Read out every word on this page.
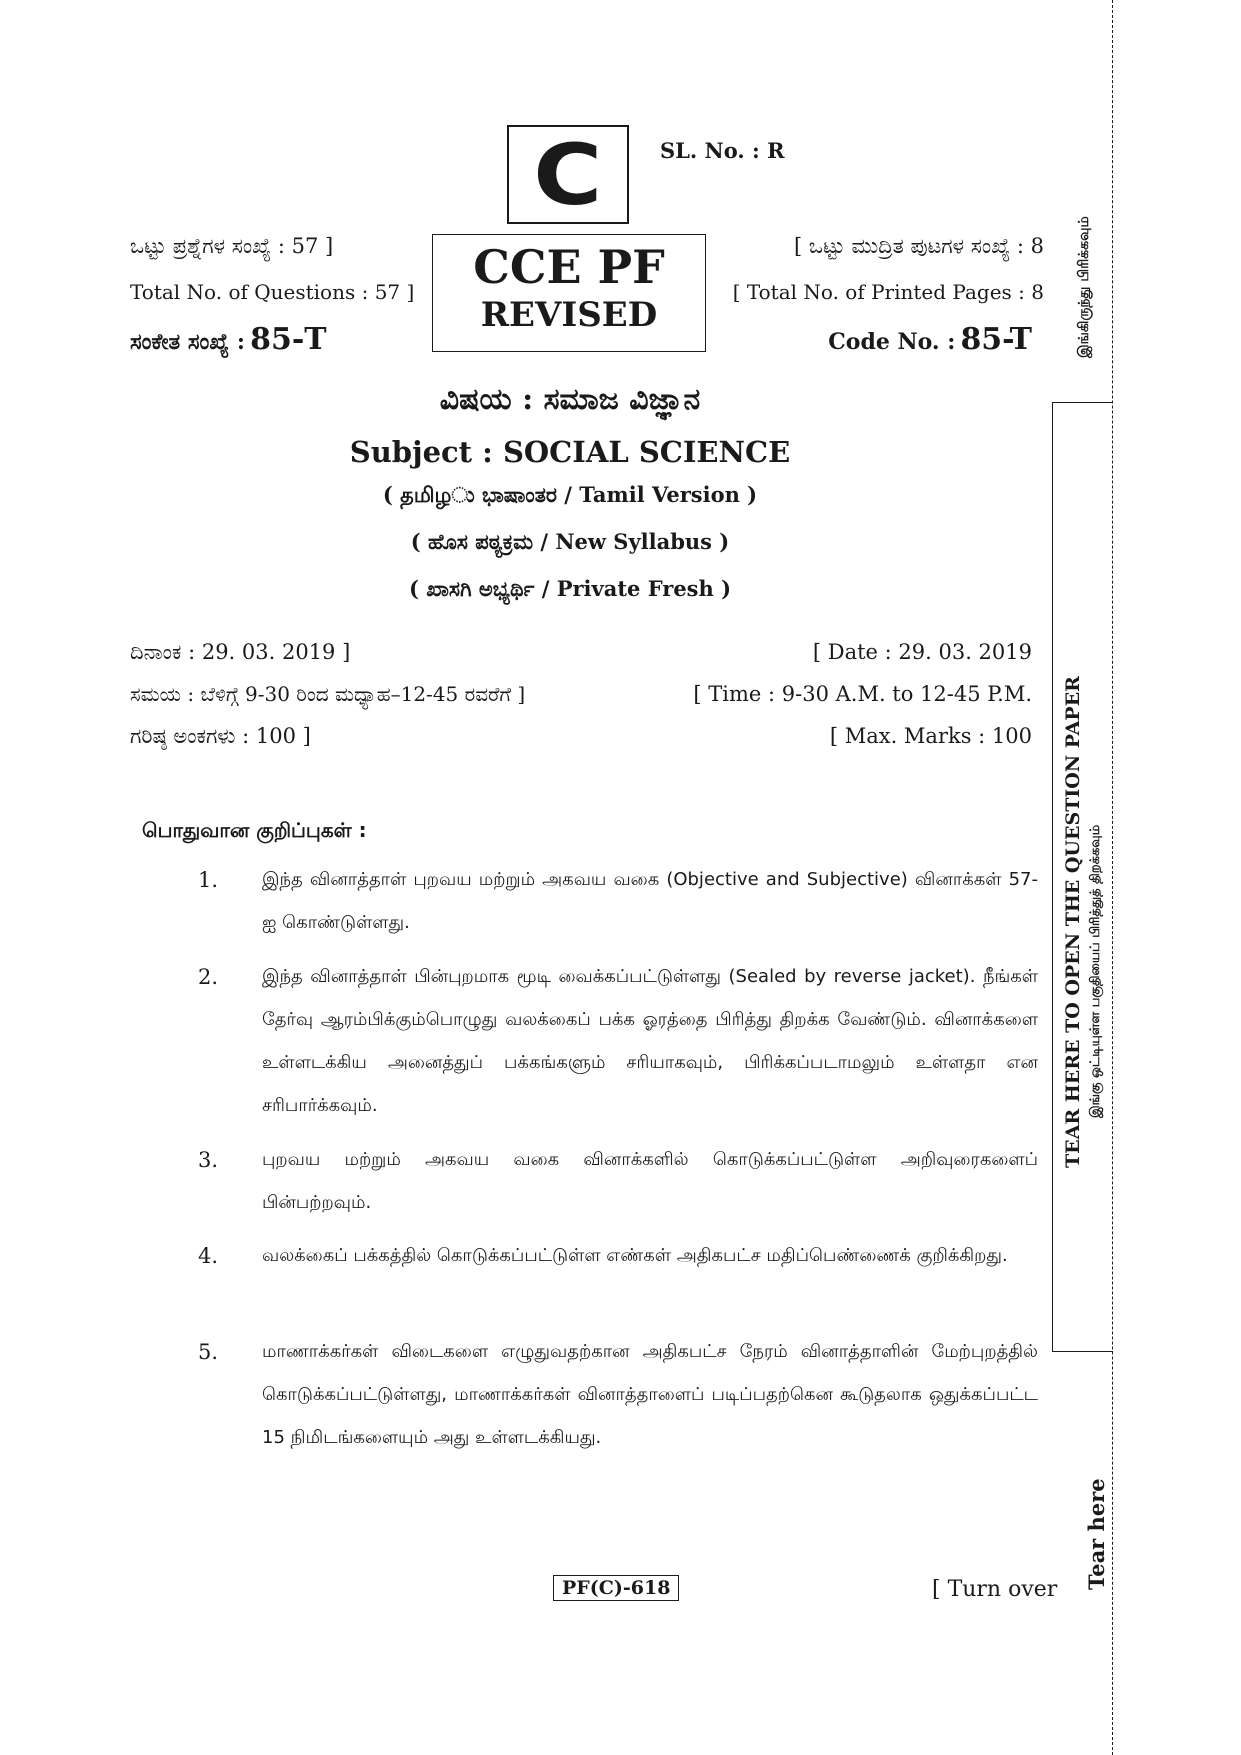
C	SL. No. : R
ಒಟ್ಟು ಪ್ರಶ್ನೆಗಳ ಸಂಖ್ಯೆ : 57 ]
Total No. of Questions : 57 ]
ಸಂಕೇತ ಸಂಖ್ಯೆ : 85-T
CCE PF
REVISED
[ ಒಟ್ಟು ಮುದ್ರಿತ ಪುಟಗಳ ಸಂಖ್ಯೆ : 8
[ Total No. of Printed Pages : 8
Code No. : 85-T
ವಿಷಯ : ಸಮಾಜ ವಿಜ್ಞಾನ
Subject : SOCIAL SCIENCE
( தமிழು ಭಾಷಾಂತರ / Tamil Version )
( ಹೊಸ ಪಠ್ಯಕ್ರಮ / New Syllabus )
( ಖಾಸಗಿ ಅಭ್ಯರ್ಥಿ / Private Fresh )
ದಿನಾಂಕ : 29. 03. 2019 ]	[ Date : 29. 03. 2019
ಸಮಯ : ಬೆಳಿಗ್ಗೆ 9-30 ರಿಂದ ಮಧ್ಯಾಹ–12-45 ರವರೆಗೆ ]	[ Time : 9-30 A.M. to 12-45 P.M.
ಗರಿಷ್ಠ ಅಂಕಗಳು : 100 ]	[ Max. Marks : 100
பொதுவான குறிப்புகள் :
1. இந்த வினாத்தாள் புறவய மற்றும் அகவய வகை (Objective and Subjective) வினாக்கள் 57-ஐ கொண்டுள்ளது.
2. இந்த வினாத்தாள் பின்புறமாக மூடி வைக்கப்பட்டுள்ளது (Sealed by reverse jacket). நீங்கள் தேர்வு ஆரம்பிக்கும்பொழுது வலக்கைப் பக்க ஓரத்தை பிரித்து திறக்க வேண்டும். வினாக்களை உள்ளடக்கிய அனைத்துப் பக்கங்களும் சரியாகவும், பிரிக்கப்படாமலும் உள்ளதா என சரிபார்க்கவும்.
3. புறவய மற்றும் அகவய வகை வினாக்களில் கொடுக்கப்பட்டுள்ள அறிவுரைகளைப் பின்பற்றவும்.
4. வலக்கைப் பக்கத்தில் கொடுக்கப்பட்டுள்ள எண்கள் அதிகபட்ச மதிப்பெண்ணைக் குறிக்கிறது.
5. மாணாக்கர்கள் விடைகளை எழுதுவதற்கான அதிகபட்ச நேரம் வினாத்தாளின் மேற்புறத்தில் கொடுக்கப்பட்டுள்ளது, மாணாக்கர்கள் வினாத்தாளைப் படிப்பதற்கென கூடுதலாக ஒதுக்கப்பட்ட 15 நிமிடங்களையும் அது உள்ளடக்கியது.
PF(C)-618	[ Turn over
இங்கிருந்து பிரிக்கவும்
TEAR HERE TO OPEN THE QUESTION PAPER இங்கு ஒட்டியுள்ள பகுதியைப் பிரித்துத் திறக்கவும்
Tear here
